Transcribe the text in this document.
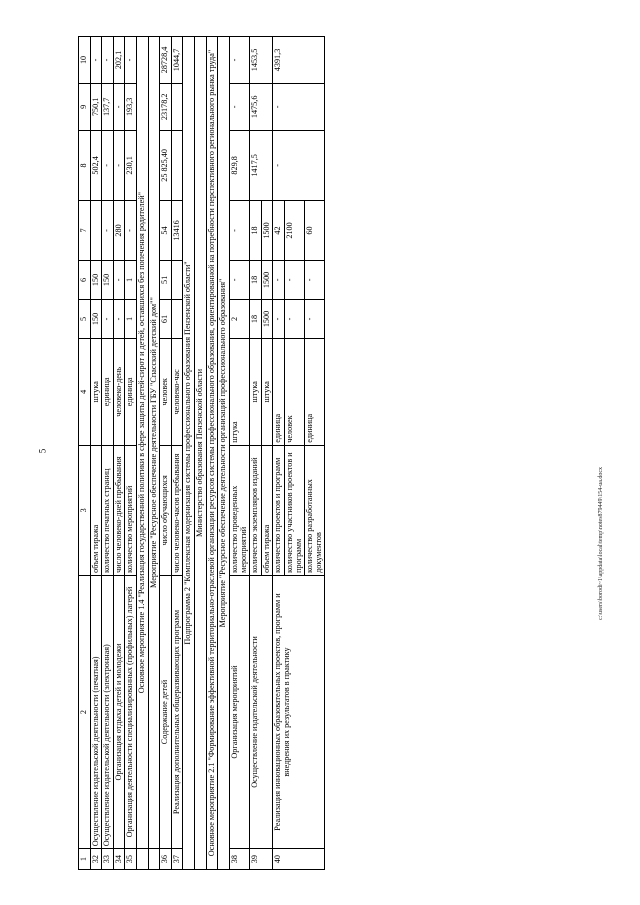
5
1	2	3	4	5	6	7	8	9	10
32	Осуществление издательской деятельности (печатная)	объем тиража	штука	150	150		502,4	750,1	-
33	Осуществление издательской деятельности (электронная)	количество печатных страниц	единица	-	150	-	-	137,7	-
34	Организация отдыха детей и молодежи	число человеко-дней пребывания	человеко-день	-	-	280	-	-	202,1
35	Организация деятельности специализированных (профильных) лагерей	количество мероприятий	единица	1	1	-	230,1	193,3	-
	Основное мероприятие 1.4 "Реализация государственной политики в сфере защиты детей-сирот и детей, оставшихся без попечения родителей"								
	Мероприятие "Ресурсное обеспечение деятельности ГБУ "Спасский детский дом""								
36	Содержание детей	число обучающихся	человек	61	51	54	25 825,40	23178,2	28728,4
37	Реализация дополнительных общеразвивающих программ	число человеко-часов пребывания	человеко-час			13416			1044,7
Подпрограмма 2 "Комплексная модернизация системы профессионального образования Пензенской области"									
Министерство образования Пензенской области									
Основное мероприятие 2.1 "Формирование эффективной территориально-отраслевой организации ресурсов системы профессионального образования, ориентированной на потребности перспективного регионального рынка труда"									
Мероприятие "Ресурсное обеспечение деятельности организаций профессионального образования"									
38	Организация мероприятий	количество проведенных мероприятий	штука	2	-	-	829,8	-	-
39	Осуществление издательской деятельности	количество экземпляров изданий	штука	18	18	18	1417,5	1475,6	1453,5
		объем тиража	штука	1500	1500	1500			
40	Реализация инновационных образовательных проектов, программ и внедрения их результатов в практику	количество проектов и программ	единица	-	-	42	-	-	4391,3
		количество участников проектов и программ	человек	-	-	2100			
		количество разработанных документов	единица	-	-	60			
c:\users\borodi~1\appdata\local\temp\notes879449\154-ua.docx
